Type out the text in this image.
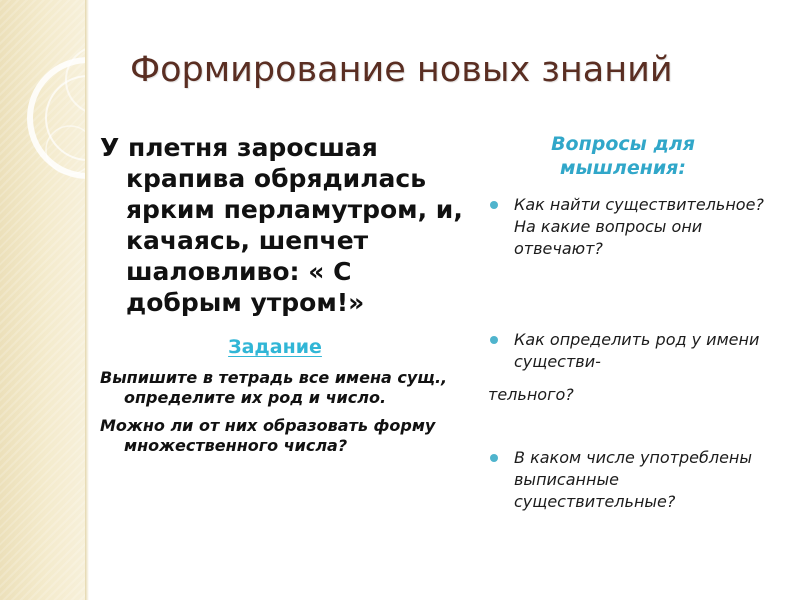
Формирование новых знаний

У плетня заросшая крапива обрядилась ярким перламутром, и, качаясь, шепчет шаловливо: « С добрым утром!»

Задание

Выпишите в тетрадь все имена сущ., определите их род и число.

Можно ли от них образовать форму множественного числа?

Вопросы для мышления:

Как найти существительное? На какие вопросы они отвечают?
Как определить род у имени существи-
тельного?
В каком числе употреблены выписанные существительные?
